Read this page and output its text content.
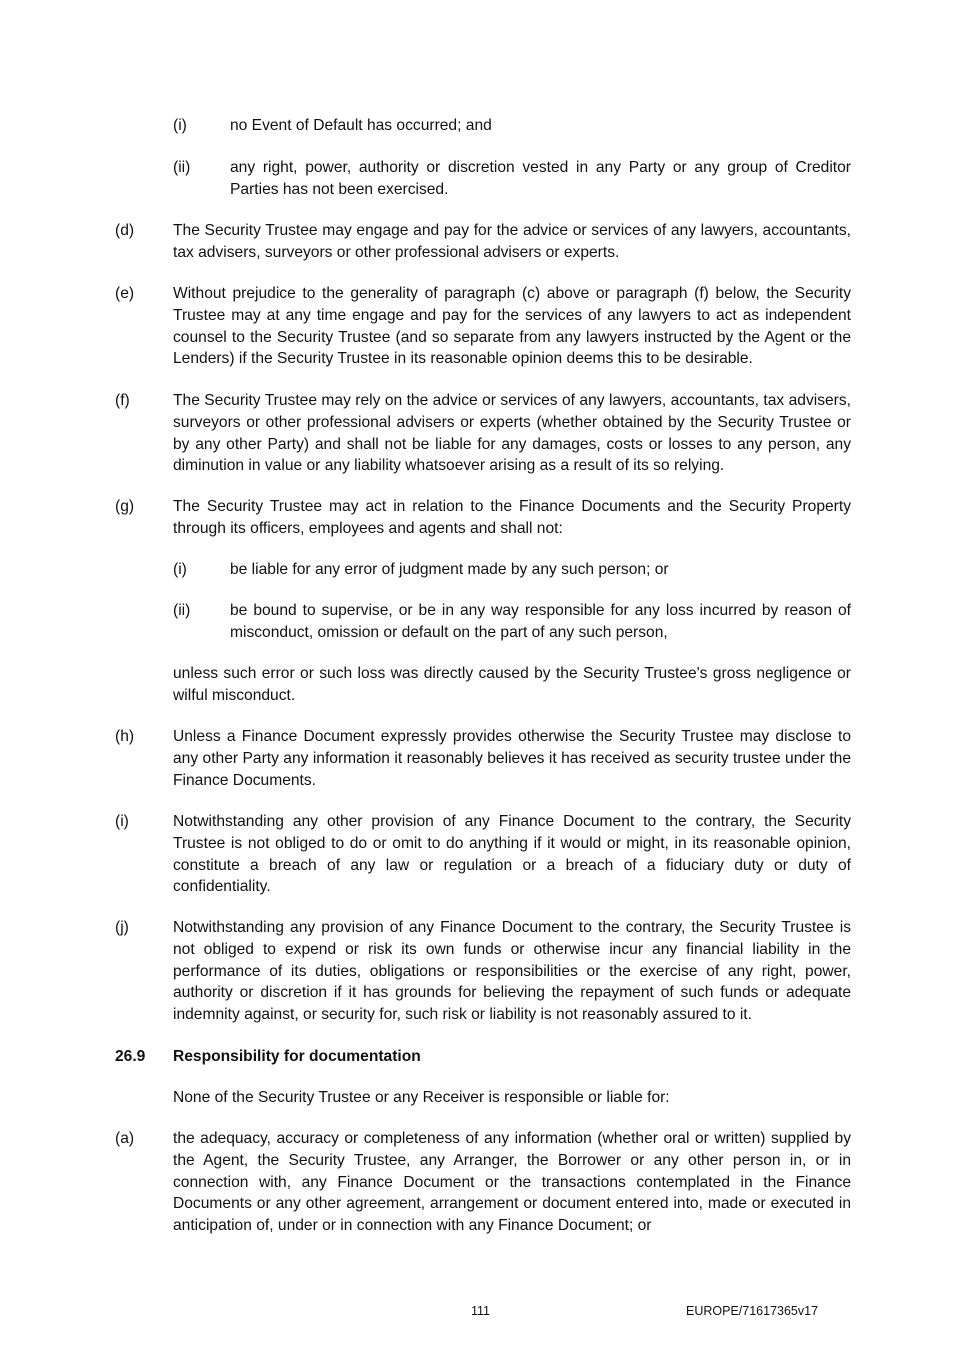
(i)	no Event of Default has occurred; and
(ii)	any right, power, authority or discretion vested in any Party or any group of Creditor Parties has not been exercised.
(d) The Security Trustee may engage and pay for the advice or services of any lawyers, accountants, tax advisers, surveyors or other professional advisers or experts.
(e) Without prejudice to the generality of paragraph (c) above or paragraph (f) below, the Security Trustee may at any time engage and pay for the services of any lawyers to act as independent counsel to the Security Trustee (and so separate from any lawyers instructed by the Agent or the Lenders) if the Security Trustee in its reasonable opinion deems this to be desirable.
(f)	The Security Trustee may rely on the advice or services of any lawyers, accountants, tax advisers, surveyors or other professional advisers or experts (whether obtained by the Security Trustee or by any other Party) and shall not be liable for any damages, costs or losses to any person, any diminution in value or any liability whatsoever arising as a result of its so relying.
(g) The Security Trustee may act in relation to the Finance Documents and the Security Property through its officers, employees and agents and shall not:
(i)	be liable for any error of judgment made by any such person; or
(ii)	be bound to supervise, or be in any way responsible for any loss incurred by reason of misconduct, omission or default on the part of any such person,
unless such error or such loss was directly caused by the Security Trustee's gross negligence or wilful misconduct.
(h) Unless a Finance Document expressly provides otherwise the Security Trustee may disclose to any other Party any information it reasonably believes it has received as security trustee under the Finance Documents.
(i)	Notwithstanding any other provision of any Finance Document to the contrary, the Security Trustee is not obliged to do or omit to do anything if it would or might, in its reasonable opinion, constitute a breach of any law or regulation or a breach of a fiduciary duty or duty of confidentiality.
(j)	Notwithstanding any provision of any Finance Document to the contrary, the Security Trustee is not obliged to expend or risk its own funds or otherwise incur any financial liability in the performance of its duties, obligations or responsibilities or the exercise of any right, power, authority or discretion if it has grounds for believing the repayment of such funds or adequate indemnity against, or security for, such risk or liability is not reasonably assured to it.
26.9 Responsibility for documentation
None of the Security Trustee or any Receiver is responsible or liable for:
(a) the adequacy, accuracy or completeness of any information (whether oral or written) supplied by the Agent, the Security Trustee, any Arranger, the Borrower or any other person in, or in connection with, any Finance Document or the transactions contemplated in the Finance Documents or any other agreement, arrangement or document entered into, made or executed in anticipation of, under or in connection with any Finance Document; or
111	EUROPE/71617365v17
